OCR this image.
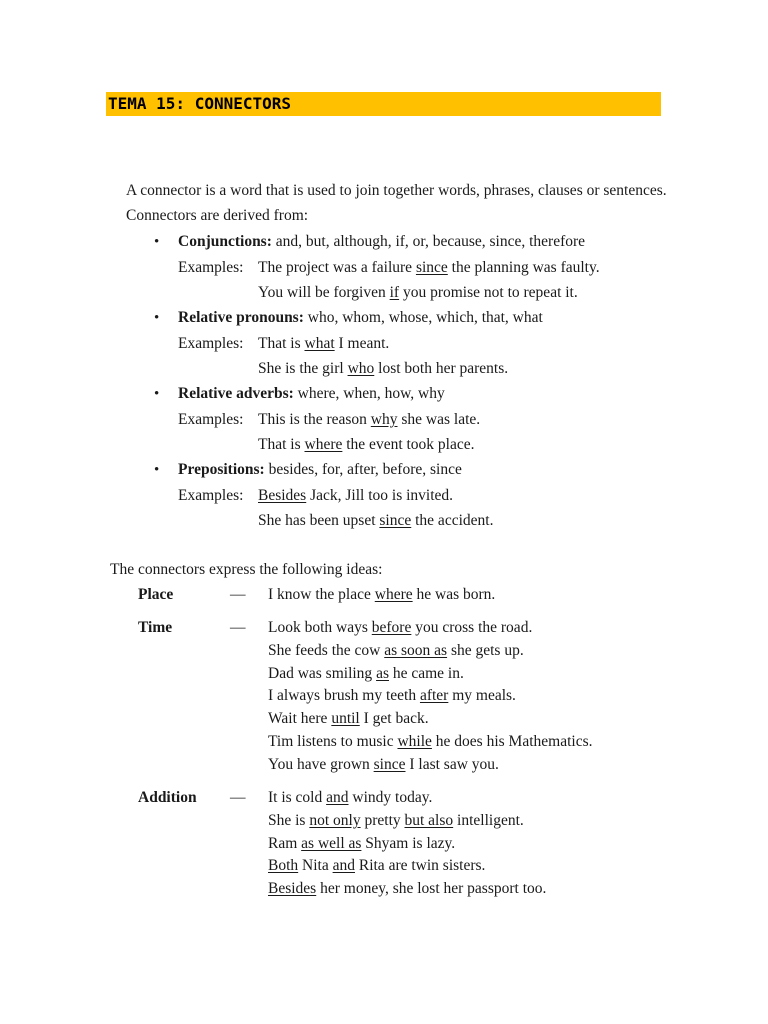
TEMA 15: CONNECTORS
A connector is a word that is used to join together words, phrases, clauses or sentences.
Connectors are derived from:
• Conjunctions: and, but, although, if, or, because, since, therefore
Examples: The project was a failure since the planning was faulty.
You will be forgiven if you promise not to repeat it.
• Relative pronouns: who, whom, whose, which, that, what
Examples: That is what I meant.
She is the girl who lost both her parents.
• Relative adverbs: where, when, how, why
Examples: This is the reason why she was late.
That is where the event took place.
• Prepositions: besides, for, after, before, since
Examples: Besides Jack, Jill too is invited.
She has been upset since the accident.
The connectors express the following ideas:
Place	— I know the place where he was born.
Time	— Look both ways before you cross the road.
She feeds the cow as soon as she gets up.
Dad was smiling as he came in.
I always brush my teeth after my meals.
Wait here until I get back.
Tim listens to music while he does his Mathematics.
You have grown since I last saw you.
Addition — It is cold and windy today.
She is not only pretty but also intelligent.
Ram as well as Shyam is lazy.
Both Nita and Rita are twin sisters.
Besides her money, she lost her passport too.
